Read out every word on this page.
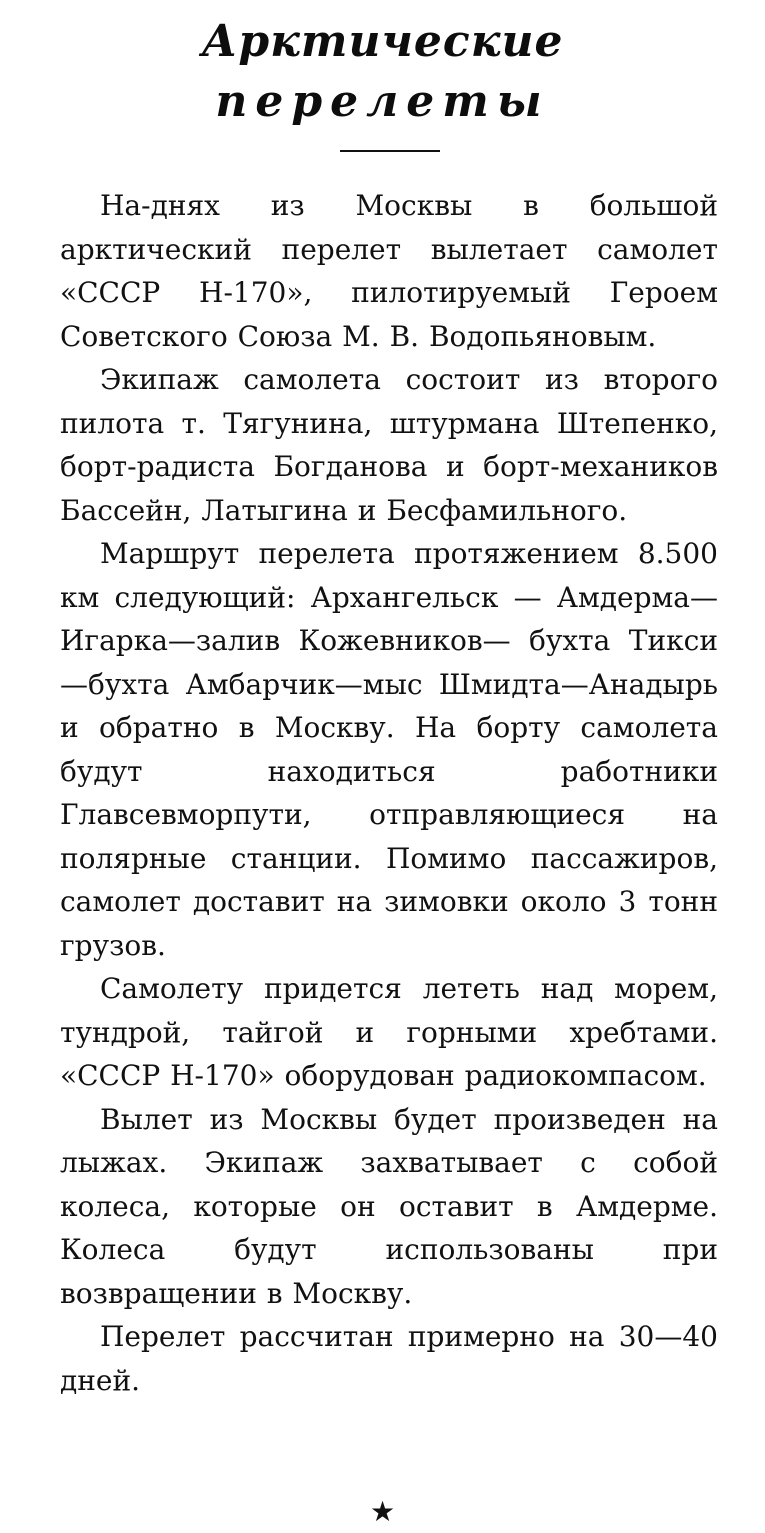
Арктические
перелеты

На-днях из Москвы в большой арктический перелет вылетает самолет «СССР Н-170», пилотируемый Героем Советского Союза М. В. Водопьяновым.

Экипаж самолета состоит из второго пилота т. Тягунина, штурмана Штепенко, борт-радиста Богданова и борт-механиков Бассейн, Латыгина и Бесфамильного.

Маршрут перелета протяжением 8.500 км следующий: Архангельск — Амдерма—Игарка—залив Кожевников— бухта Тикси—бухта Амбарчик—мыс Шмидта—Анадырь и обратно в Москву. На борту самолета будут находиться работники Главсевморпути, отправляющиеся на полярные станции. Помимо пассажиров, самолет доставит на зимовки около 3 тонн грузов.

Самолету придется лететь над морем, тундрой, тайгой и горными хребтами. «СССР Н-170» оборудован радиокомпасом.

Вылет из Москвы будет произведен на лыжах. Экипаж захватывает с собой колеса, которые он оставит в Амдерме. Колеса будут использованы при возвращении в Москву.

Перелет рассчитан примерно на 30—40 дней.

★
